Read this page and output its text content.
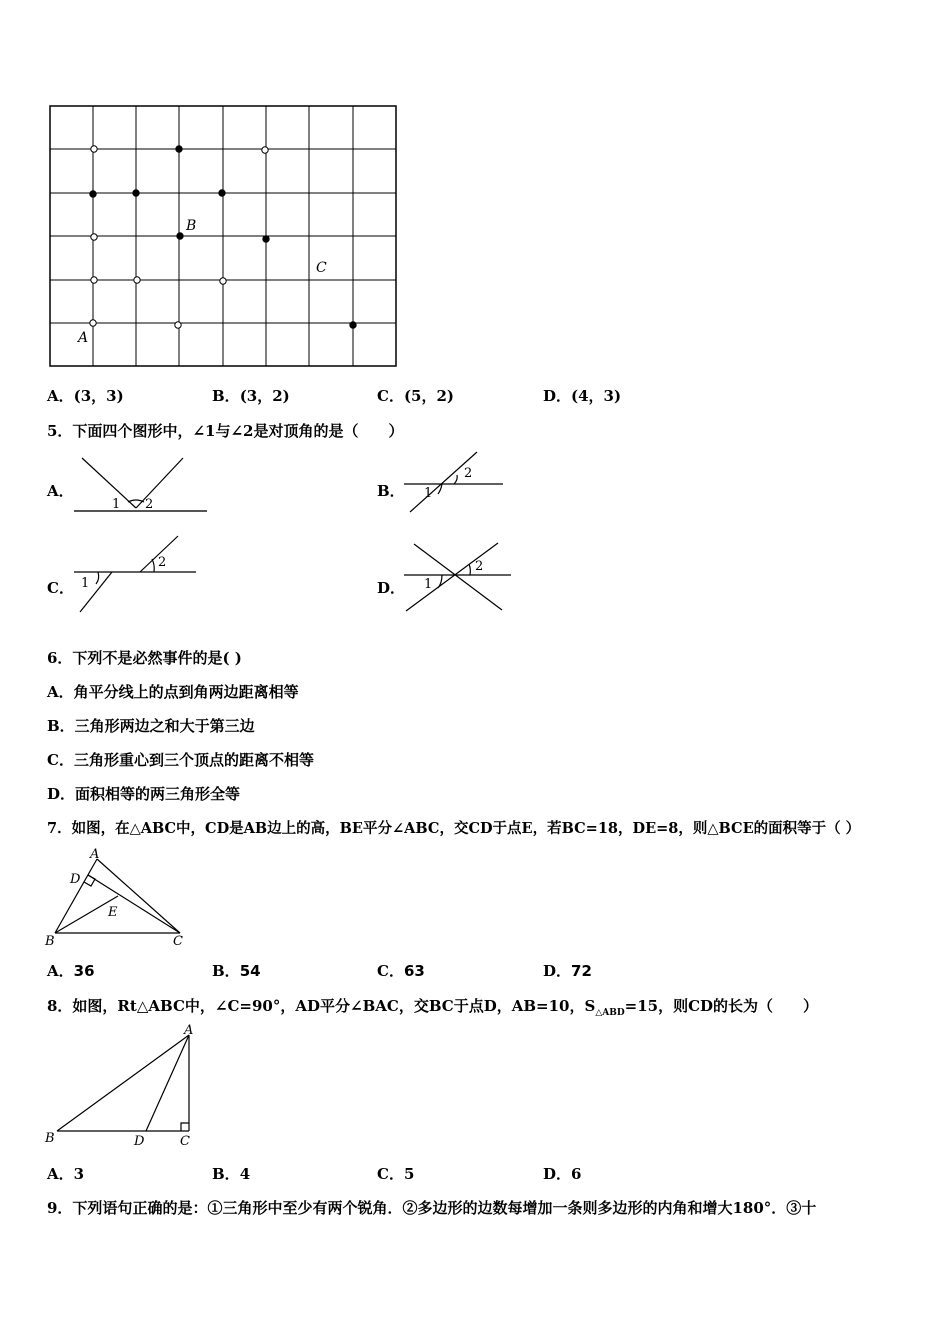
A
B
C
A．(3，3)	B．(3，2)	C．(5，2)	D．(4，3)
5．下面四个图形中，∠1与∠2是对顶角的是（　　）
A．
1 2
B． 1
2
C． 1
2
D． 1
2
6．下列不是必然事件的是( )
A．角平分线上的点到角两边距离相等
B．三角形两边之和大于第三边
C．三角形重心到三个顶点的距离不相等
D．面积相等的两三角形全等
7．如图，在△ABC中，CD是AB边上的高，BE平分∠ABC，交CD于点E，若BC=18，DE=8，则△BCE的面积等于（ ）
A
D
E
B	C
A．36	B．54	C．63	D．72
8．如图，Rt△ABC中，∠C=90°，AD平分∠BAC，交BC于点D，AB=10，$S_{\triangle ABD}=15$，则CD的长为（　　）
A
B	D	C
A．3	B．4	C．5	D．6
9．下列语句正确的是：①三角形中至少有两个锐角．②多边形的边数每增加一条则多边形的内角和增大180°．③十
